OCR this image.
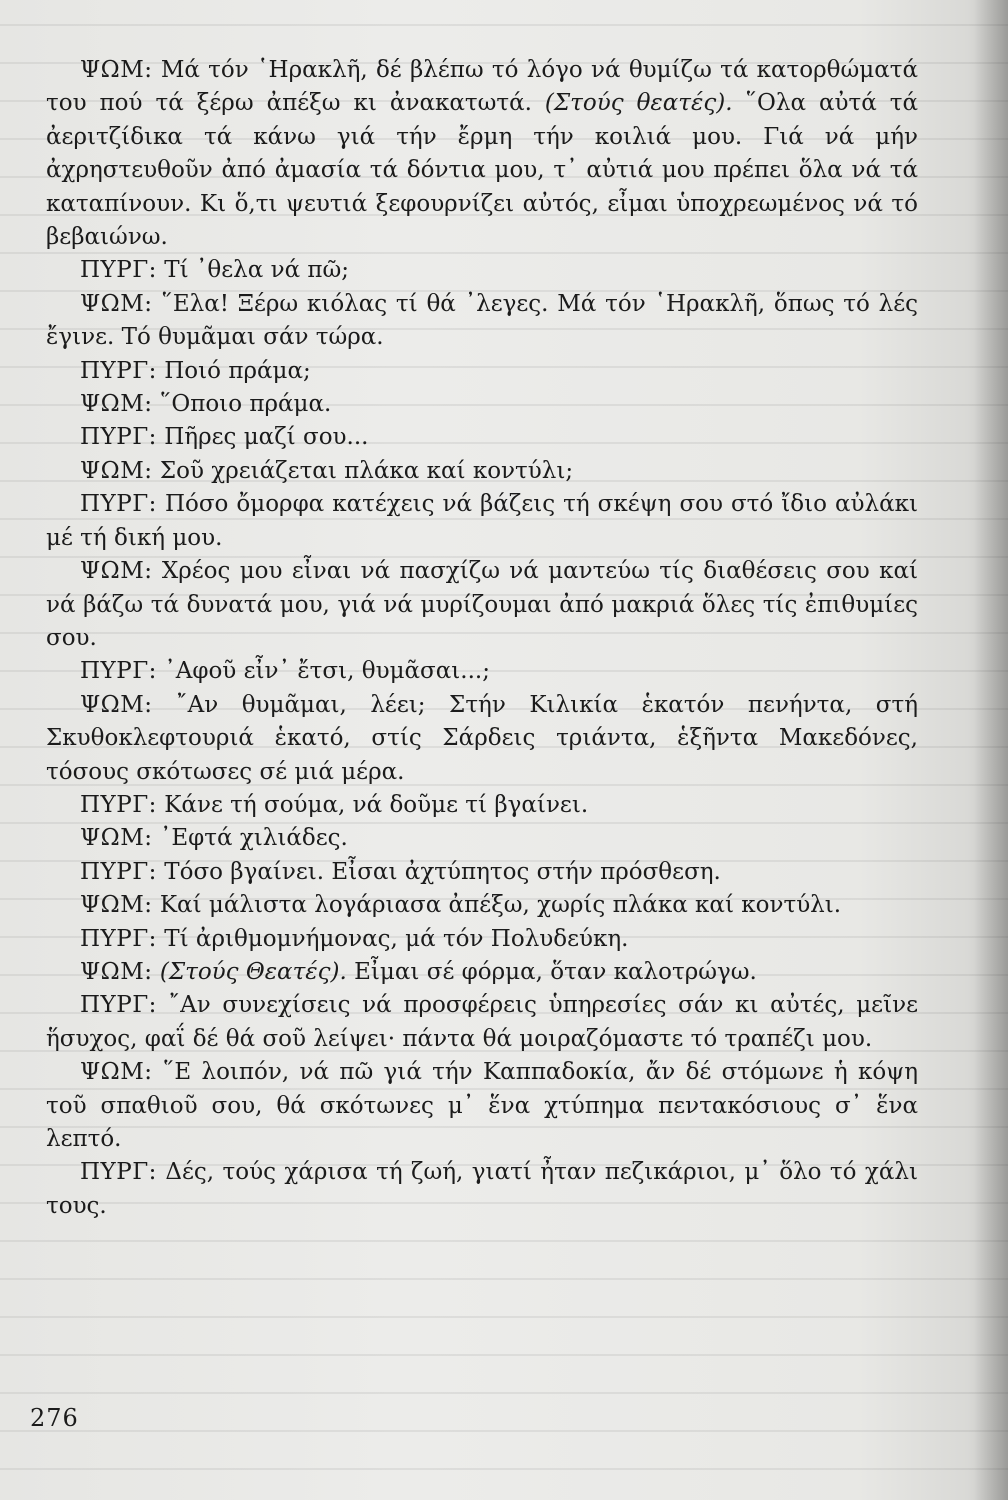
ΨΩΜ: Μά τόν ῾Ηρακλῆ, δέ βλέπω τό λόγο νά θυμίζω τά κατορθώματά του πού τά ξέρω ἀπέξω κι ἀνακατωτά. (Στούς θεατές). ῞Ολα αὐτά τά ἀεριτζίδικα τά κάνω γιά τήν ἔρμη τήν κοιλιά μου. Γιά νά μήν ἀχρηστευθοῦν ἀπό ἀμασία τά δόντια μου, τ᾽ αὐτιά μου πρέπει ὅλα νά τά καταπίνουν. Κι ὅ,τι ψευτιά ξεφουρνίζει αὐτός, εἶμαι ὑποχρεωμένος νά τό βεβαιώνω.

ΠΥΡΓ: Τί ᾽θελα νά πῶ;

ΨΩΜ: ῞Ελα! Ξέρω κιόλας τί θά ᾽λεγες. Μά τόν ῾Ηρακλῆ, ὅπως τό λές ἔγινε. Τό θυμᾶμαι σάν τώρα.

ΠΥΡΓ: Ποιό πράμα;

ΨΩΜ: ῞Οποιο πράμα.

ΠΥΡΓ: Πῆρες μαζί σου...

ΨΩΜ: Σοῦ χρειάζεται πλάκα καί κοντύλι;

ΠΥΡΓ: Πόσο ὄμορφα κατέχεις νά βάζεις τή σκέψη σου στό ἴδιο αὐλάκι μέ τή δική μου.

ΨΩΜ: Χρέος μου εἶναι νά πασχίζω νά μαντεύω τίς διαθέσεις σου καί νά βάζω τά δυνατά μου, γιά νά μυρίζουμαι ἀπό μακριά ὅλες τίς ἐπιθυμίες σου.

ΠΥΡΓ: ᾽Αφοῦ εἶν᾽ ἔτσι, θυμᾶσαι...;

ΨΩΜ: ῎Αν θυμᾶμαι, λέει; Στήν Κιλικία ἑκατόν πενήντα, στή Σκυθοκλεφτουριά ἑκατό, στίς Σάρδεις τριάντα, ἑξῆντα Μακεδόνες, τόσους σκότωσες σέ μιά μέρα.

ΠΥΡΓ: Κάνε τή σούμα, νά δοῦμε τί βγαίνει.

ΨΩΜ: ᾽Εφτά χιλιάδες.

ΠΥΡΓ: Τόσο βγαίνει. Εἶσαι ἀχτύπητος στήν πρόσθεση.

ΨΩΜ: Καί μάλιστα λογάριασα ἀπέξω, χωρίς πλάκα καί κοντύλι.

ΠΥΡΓ: Τί ἀριθμομνήμονας, μά τόν Πολυδεύκη.

ΨΩΜ: (Στούς Θεατές). Εἶμαι σέ φόρμα, ὅταν καλοτρώγω.

ΠΥΡΓ: ῎Αν συνεχίσεις νά προσφέρεις ὑπηρεσίες σάν κι αὐτές, μεῖνε ἥσυχος, φαΐ δέ θά σοῦ λείψει· πάντα θά μοιραζόμαστε τό τραπέζι μου.

ΨΩΜ: ῞Ε λοιπόν, νά πῶ γιά τήν Καππαδοκία, ἄν δέ στόμωνε ἡ κόψη τοῦ σπαθιοῦ σου, θά σκότωνες μ᾽ ἕνα χτύπημα πεντακόσιους σ᾽ ἕνα λεπτό.

ΠΥΡΓ: Δές, τούς χάρισα τή ζωή, γιατί ἦταν πεζικάριοι, μ᾽ ὅλο τό χάλι τους.

276
